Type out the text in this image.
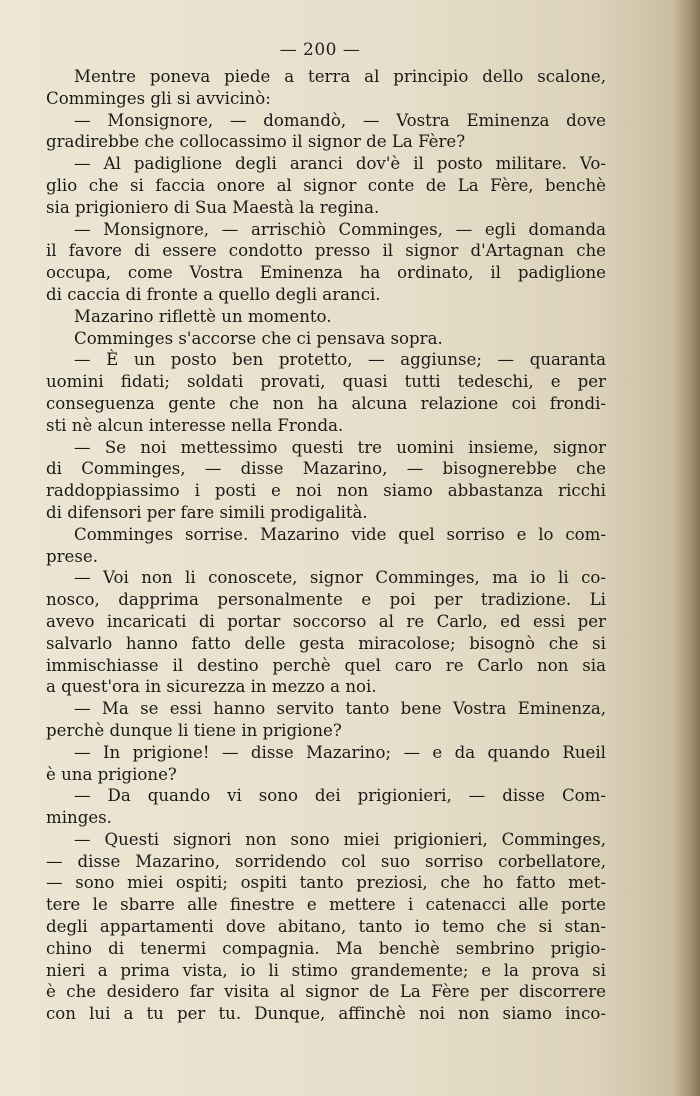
— 200 —
Mentre poneva piede a terra al principio dello scalone,
Comminges gli si avvicinò:
— Monsignore, — domandò, — Vostra Eminenza dove
gradirebbe che collocassimo il signor de La Fère?
— Al padiglione degli aranci dov'è il posto militare. Vo-
glio che si faccia onore al signor conte de La Fère, benchè
sia prigioniero di Sua Maestà la regina.
— Monsignore, — arrischiò Comminges, — egli domanda
il favore di essere condotto presso il signor d'Artagnan che
occupa, come Vostra Eminenza ha ordinato, il padiglione
di caccia di fronte a quello degli aranci.
Mazarino riflettè un momento.
Comminges s'accorse che ci pensava sopra.
— È un posto ben protetto, — aggiunse; — quaranta
uomini fidati; soldati provati, quasi tutti tedeschi, e per
conseguenza gente che non ha alcuna relazione coi frondi-
sti nè alcun interesse nella Fronda.
— Se noi mettessimo questi tre uomini insieme, signor
di Comminges, — disse Mazarino, — bisognerebbe che
raddoppiassimo i posti e noi non siamo abbastanza ricchi
di difensori per fare simili prodigalità.
Comminges sorrise. Mazarino vide quel sorriso e lo com-
prese.
— Voi non li conoscete, signor Comminges, ma io li co-
nosco, dapprima personalmente e poi per tradizione. Li
avevo incaricati di portar soccorso al re Carlo, ed essi per
salvarlo hanno fatto delle gesta miracolose; bisognò che si
immischiasse il destino perchè quel caro re Carlo non sia
a quest'ora in sicurezza in mezzo a noi.
— Ma se essi hanno servito tanto bene Vostra Eminenza,
perchè dunque li tiene in prigione?
— In prigione! — disse Mazarino; — e da quando Rueil
è una prigione?
— Da quando vi sono dei prigionieri, — disse Com-
minges.
— Questi signori non sono miei prigionieri, Comminges,
— disse Mazarino, sorridendo col suo sorriso corbellatore,
— sono miei ospiti; ospiti tanto preziosi, che ho fatto met-
tere le sbarre alle finestre e mettere i catenacci alle porte
degli appartamenti dove abitano, tanto io temo che si stan-
chino di tenermi compagnia. Ma benchè sembrino prigio-
nieri a prima vista, io li stimo grandemente; e la prova si
è che desidero far visita al signor de La Fère per discorrere
con lui a tu per tu. Dunque, affinchè noi non siamo inco-
